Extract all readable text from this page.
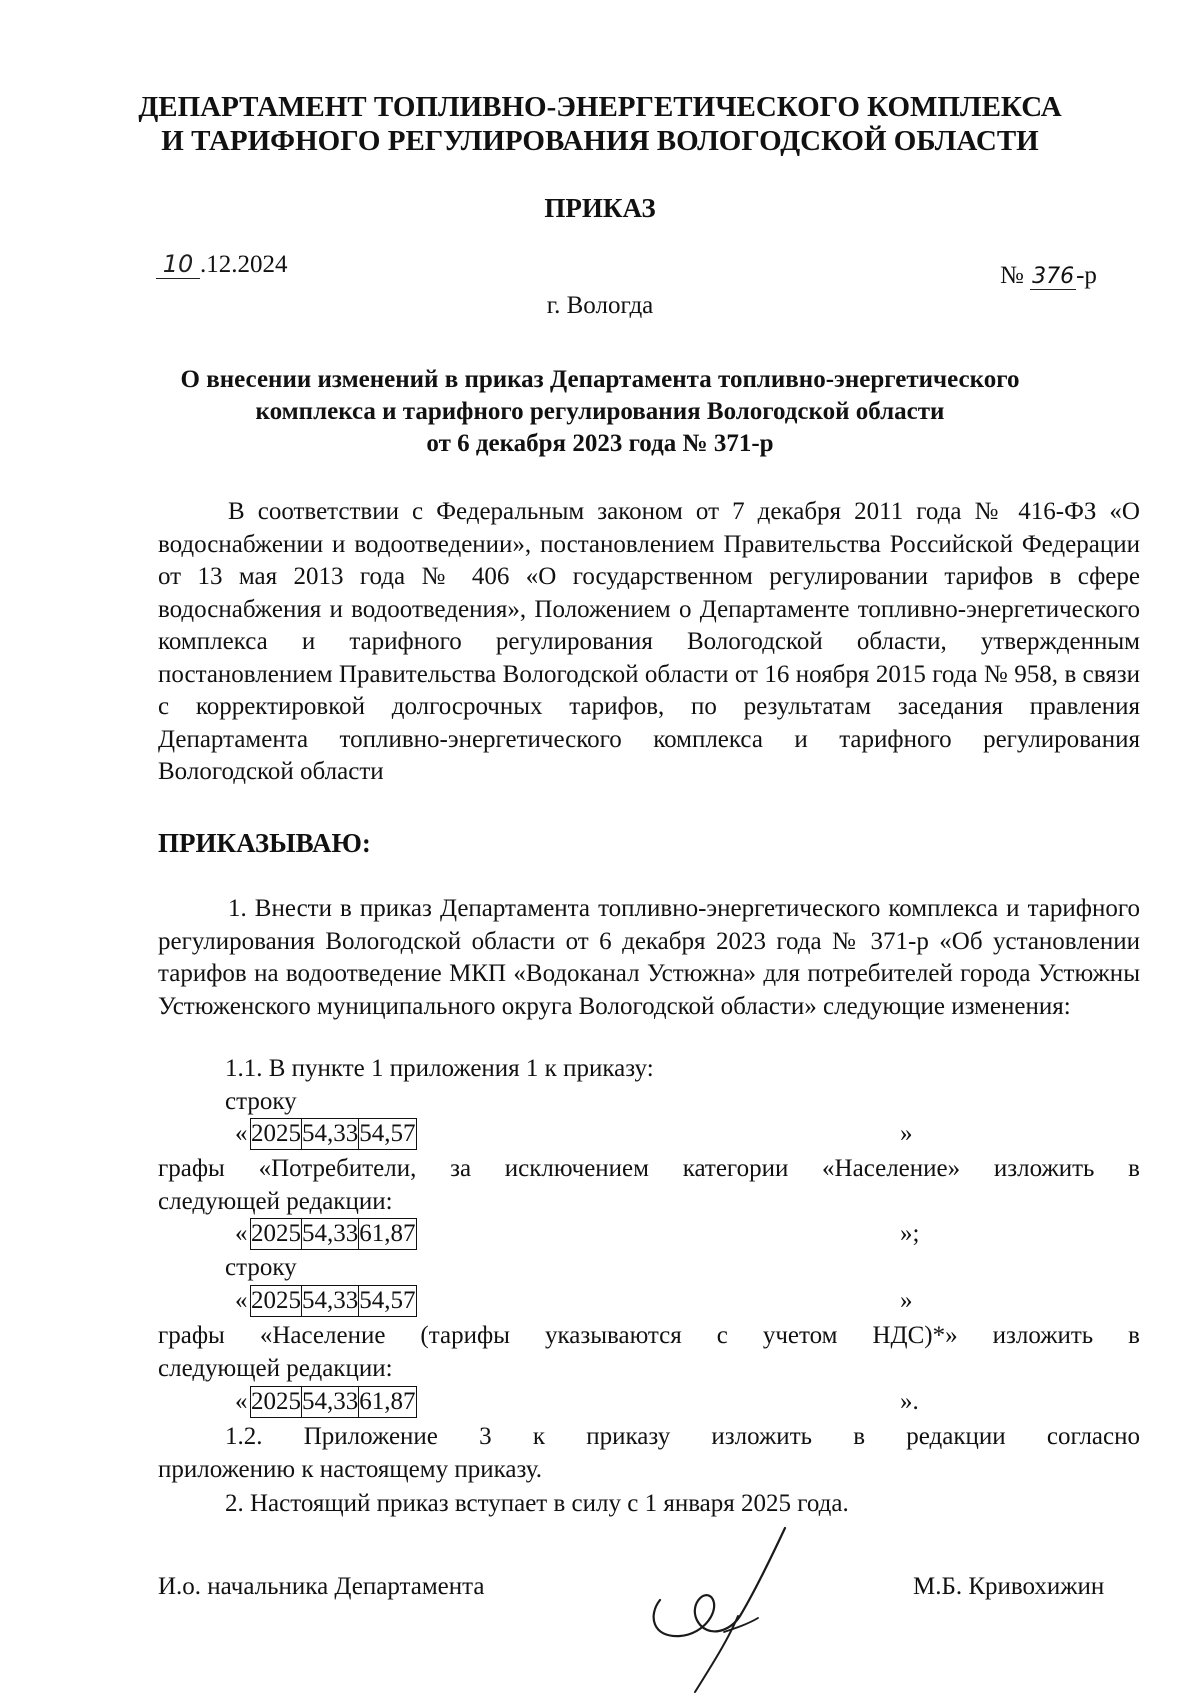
ДЕПАРТАМЕНТ ТОПЛИВНО-ЭНЕРГЕТИЧЕСКОГО КОМПЛЕКСА
И ТАРИФНОГО РЕГУЛИРОВАНИЯ ВОЛОГОДСКОЙ ОБЛАСТИ
ПРИКАЗ
10 .12.2024	№ 376-р
г. Вологда
О внесении изменений в приказ Департамента топливно-энергетического
комплекса и тарифного регулирования Вологодской области
от 6 декабря 2023 года № 371-р

В соответствии с Федеральным законом от 7 декабря 2011 года № 416-ФЗ «О водоснабжении и водоотведении», постановлением Правительства Российской Федерации от 13 мая 2013 года № 406 «О государственном регулировании тарифов в сфере водоснабжения и водоотведения», Положением о Департаменте топливно-энергетического комплекса и тарифного регулирования Вологодской области, утвержденным постановлением Правительства Вологодской области от 16 ноября 2015 года № 958, в связи с корректировкой долгосрочных тарифов, по результатам заседания правления Департамента топливно-энергетического комплекса и тарифного регулирования Вологодской области

ПРИКАЗЫВАЮ:

1. Внести в приказ Департамента топливно-энергетического комплекса и тарифного регулирования Вологодской области от 6 декабря 2023 года № 371-р «Об установлении тарифов на водоотведение МКП «Водоканал Устюжна» для потребителей города Устюжны Устюженского муниципального округа Вологодской области» следующие изменения:

1.1. В пункте 1 приложения 1 к приказу:
строку
« 2025	54,33	54,57	»
графы «Потребители, за исключением категории «Население» изложить в
следующей редакции:
« 2025	54,33	61,87	»;
строку
« 2025	54,33	54,57	»
графы «Население (тарифы указываются с учетом НДС)*» изложить в
следующей редакции:
« 2025	54,33	61,87	».
1.2. Приложение 3 к приказу изложить в редакции согласно
приложению к настоящему приказу.
2. Настоящий приказ вступает в силу с 1 января 2025 года.
И.о. начальника Департамента	М.Б. Кривохижин
